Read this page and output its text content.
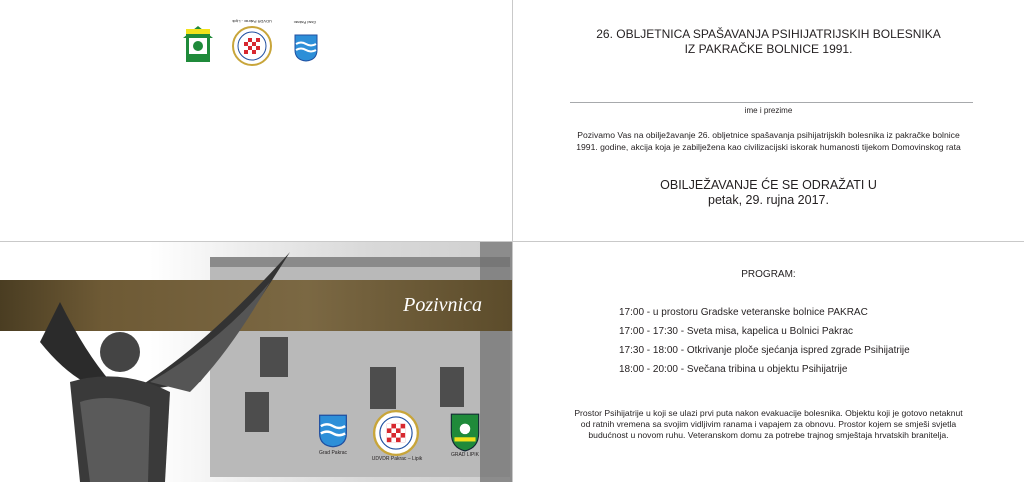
UDVDR Pakrac - Lipik	Grad Pakrac
26. OBLJETNICA SPAŠAVANJA PSIHIJATRIJSKIH BOLESNIKA
IZ PAKRAČKE BOLNICE 1991.
ime i prezime
Pozivamo Vas na obilježavanje 26. obljetnice spašavanja psihijatrijskih bolesnika iz pakračke bolnice
1991. godine, akcija koja je zabilježena kao civilizacijski iskorak humanosti tijekom Domovinskog rata
OBILJEŽAVANJE ĆE SE ODRAŽATI U
petak, 29. rujna 2017.
Pozivnica
Grad Pakrac
UDVDR Pakrac – Lipik
GRAD LIPIK
PROGRAM:
17:00 - u prostoru Gradske veteranske bolnice PAKRAC
17:00 - 17:30 - Sveta misa, kapelica u Bolnici Pakrac
17:30 - 18:00 - Otkrivanje ploče sjećanja ispred zgrade Psihijatrije
18:00 - 20:00 - Svečana tribina u objektu Psihijatrije
Prostor Psihijatrije u koji se ulazi prvi puta nakon evakuacije bolesnika. Objektu koji je gotovo netaknut
od ratnih vremena sa svojim vidljivim ranama i vapajem za obnovu. Prostor kojem se smješi svjetla
budućnost u novom ruhu. Veteranskom domu za potrebe trajnog smještaja hrvatskih branitelja.
